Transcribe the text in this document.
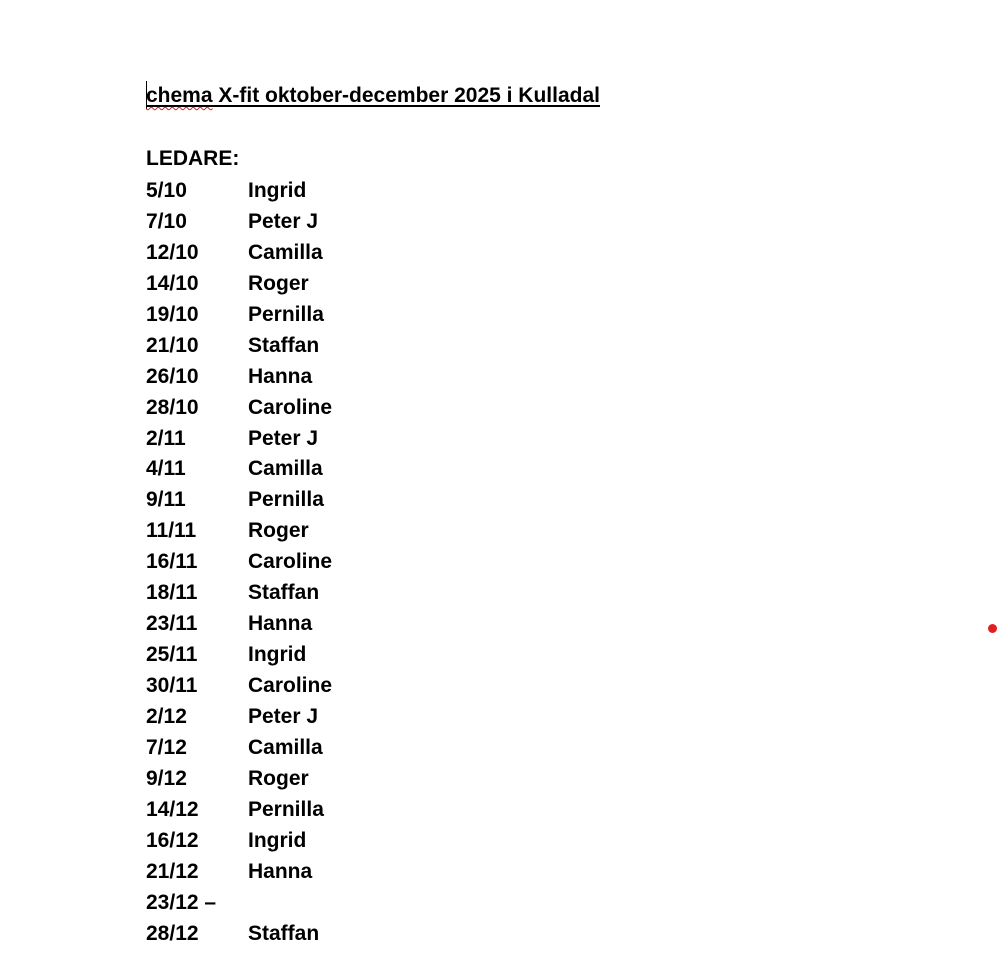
chema X-fit oktober-december 2025 i Kulladal
LEDARE:
5/10	Ingrid
7/10	Peter J
12/10	Camilla
14/10	Roger
19/10	Pernilla
21/10	Staffan
26/10	Hanna
28/10	Caroline
2/11	Peter J
4/11	Camilla
9/11	Pernilla
11/11	Roger
16/11	Caroline
18/11	Staffan
23/11	Hanna
25/11	Ingrid
30/11	Caroline
2/12	Peter J
7/12	Camilla
9/12	Roger
14/12	Pernilla
16/12	Ingrid
21/12	Hanna
23/12 –
28/12	Staffan
